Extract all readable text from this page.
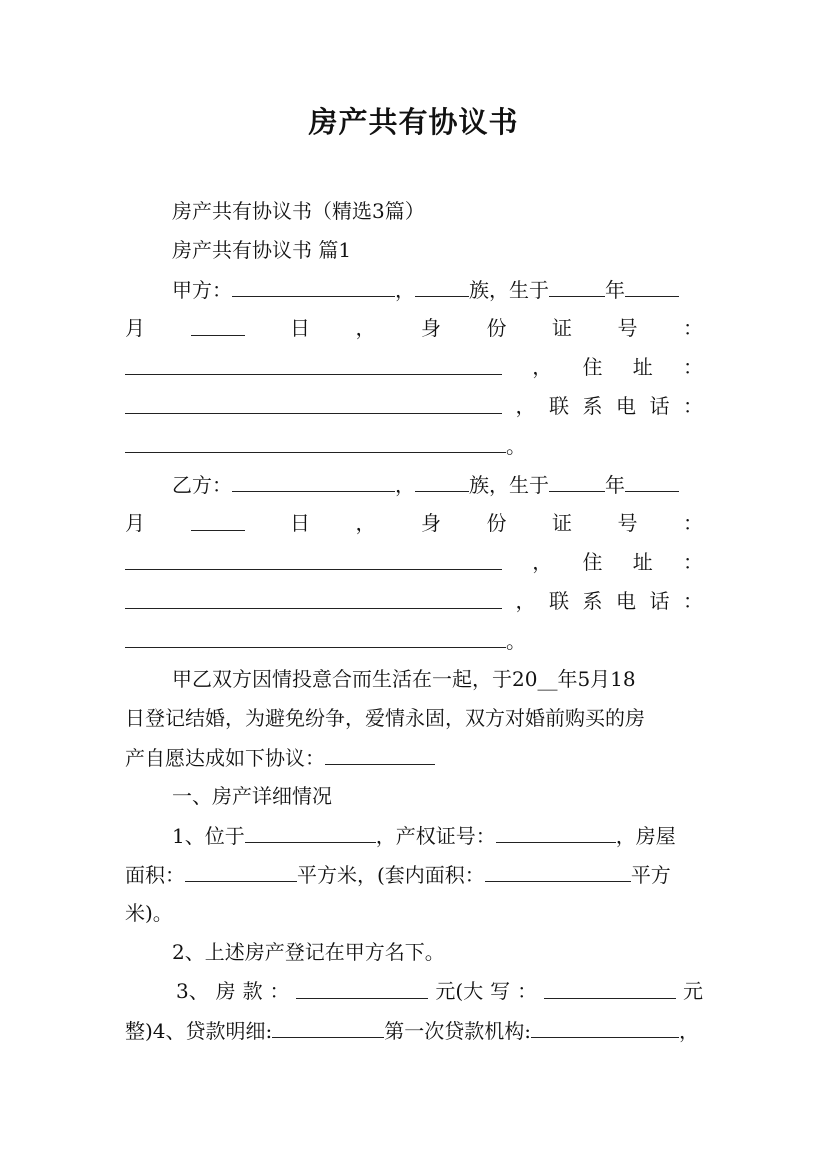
房产共有协议书
房产共有协议书（精选3篇）
房产共有协议书 篇1
甲方：	，	族，生于	年
月	日 ， 身 份 证 号 ：
， 住 址 ：
， 联 系 电 话 ：
。
乙方：	，	族，生于	年
月	日 ， 身 份 证 号 ：
， 住 址 ：
， 联 系 电 话 ：
。
甲乙双方因情投意合而生活在一起，于20__年5月18
日登记结婚，为避免纷争，爱情永固，双方对婚前购买的房
产自愿达成如下协议：
一、房产详细情况
1、位于	，产权证号：	，房屋
面积：	平方米，(套内面积：	平方
米)。
2、上述房产登记在甲方名下。
3、 房 款 ：	元(大 写 ：	元
整)4、贷款明细:	第一次贷款机构:	，
